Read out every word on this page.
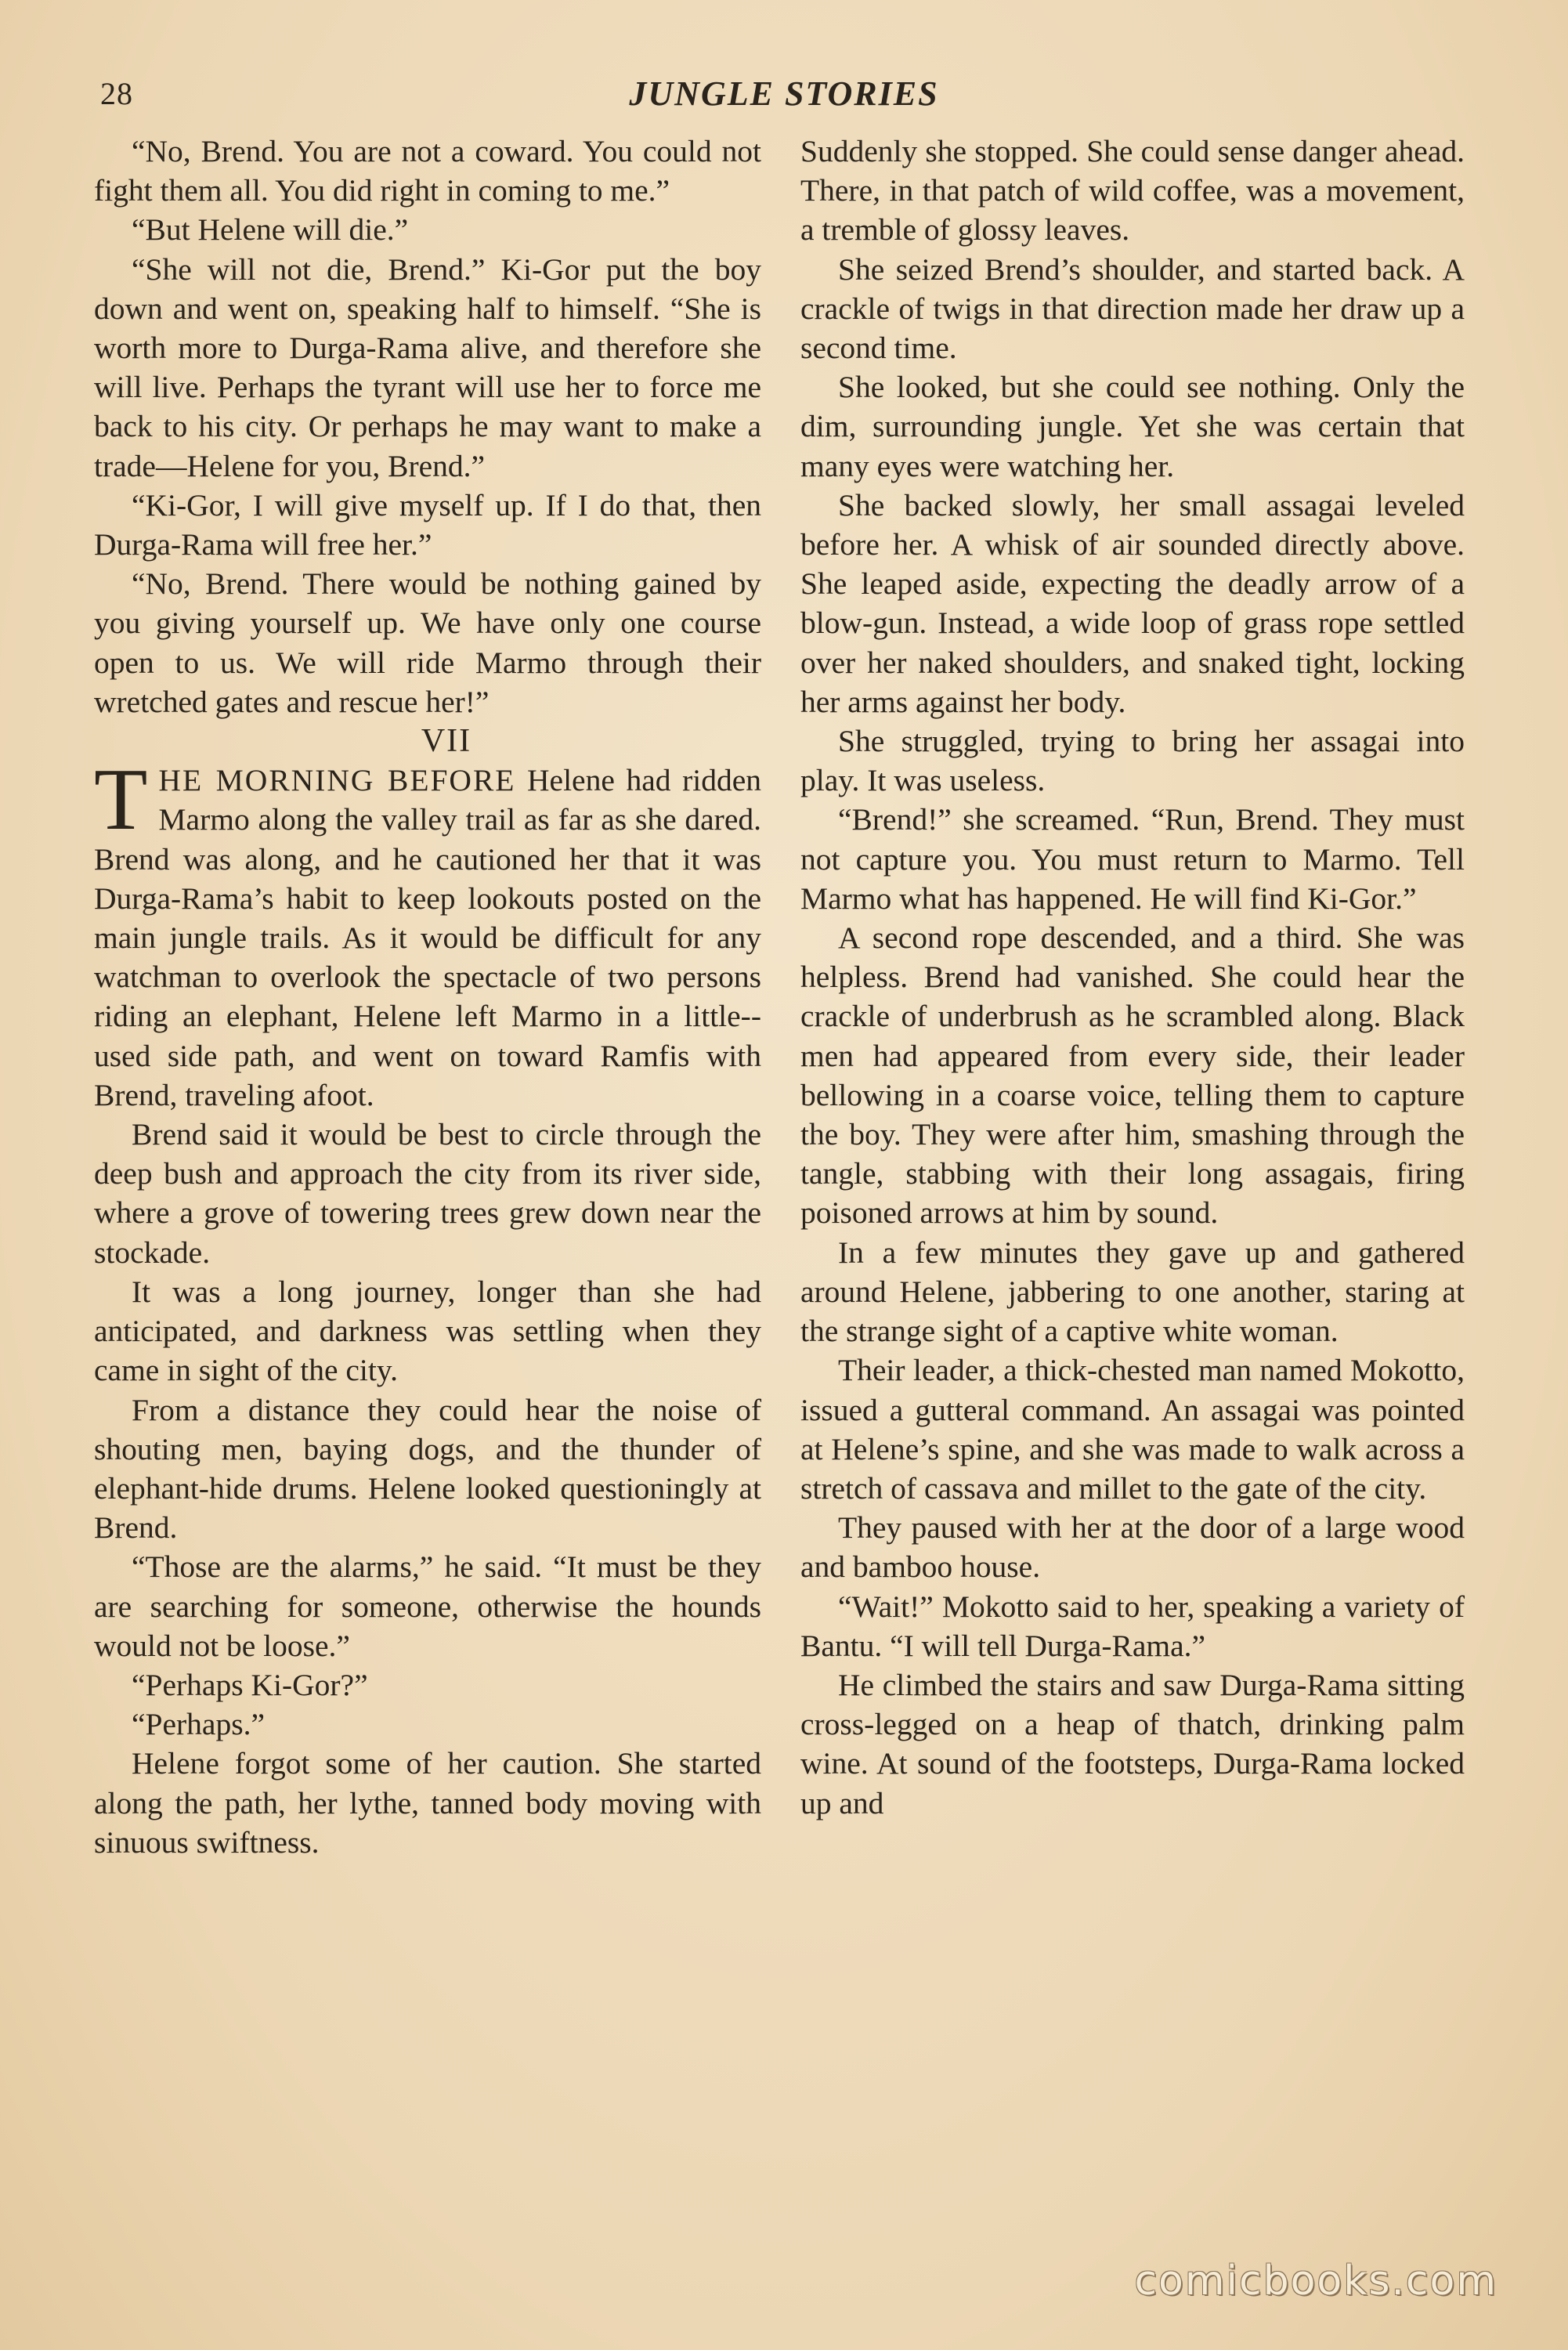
28	JUNGLE STORIES

“No, Brend. You are not a coward. You could not fight them all. You did right in coming to me.”

“But Helene will die.”

“She will not die, Brend.” Ki-Gor put the boy down and went on, speaking half to himself. “She is worth more to Durga-Rama alive, and therefore she will live. Perhaps the tyrant will use her to force me back to his city. Or perhaps he may want to make a trade—Helene for you, Brend.”

“Ki-Gor, I will give myself up. If I do that, then Durga-Rama will free her.”

“No, Brend. There would be nothing gained by you giving yourself up. We have only one course open to us. We will ride Marmo through their wretched gates and rescue her!”

VII

THE MORNING BEFORE Helene had ridden Marmo along the valley trail as far as she dared. Brend was along, and he cautioned her that it was Durga-Rama’s habit to keep lookouts posted on the main jungle trails. As it would be difficult for any watchman to overlook the spectacle of two persons riding an elephant, Helene left Marmo in a little--used side path, and went on toward Ramfis with Brend, traveling afoot.

Brend said it would be best to circle through the deep bush and approach the city from its river side, where a grove of towering trees grew down near the stockade.

It was a long journey, longer than she had anticipated, and darkness was settling when they came in sight of the city.

From a distance they could hear the noise of shouting men, baying dogs, and the thunder of elephant-hide drums. Helene looked questioningly at Brend.

“Those are the alarms,” he said. “It must be they are searching for someone, otherwise the hounds would not be loose.”

“Perhaps Ki-Gor?”

“Perhaps.”

Helene forgot some of her caution. She started along the path, her lythe, tanned body moving with sinuous swiftness.

Suddenly she stopped. She could sense danger ahead. There, in that patch of wild coffee, was a movement, a tremble of glossy leaves.

She seized Brend’s shoulder, and started back. A crackle of twigs in that direction made her draw up a second time.

She looked, but she could see nothing. Only the dim, surrounding jungle. Yet she was certain that many eyes were watching her.

She backed slowly, her small assagai leveled before her. A whisk of air sounded directly above. She leaped aside, expecting the deadly arrow of a blow-gun. Instead, a wide loop of grass rope settled over her naked shoulders, and snaked tight, locking her arms against her body.

She struggled, trying to bring her assagai into play. It was useless.

“Brend!” she screamed. “Run, Brend. They must not capture you. You must return to Marmo. Tell Marmo what has happened. He will find Ki-Gor.”

A second rope descended, and a third. She was helpless. Brend had vanished. She could hear the crackle of underbrush as he scrambled along. Black men had appeared from every side, their leader bellowing in a coarse voice, telling them to capture the boy. They were after him, smashing through the tangle, stabbing with their long assagais, firing poisoned arrows at him by sound.

In a few minutes they gave up and gathered around Helene, jabbering to one another, staring at the strange sight of a captive white woman.

Their leader, a thick-chested man named Mokotto, issued a gutteral command. An assagai was pointed at Helene’s spine, and she was made to walk across a stretch of cassava and millet to the gate of the city.

They paused with her at the door of a large wood and bamboo house.

“Wait!” Mokotto said to her, speaking a variety of Bantu. “I will tell Durga-Rama.”

He climbed the stairs and saw Durga-Rama sitting cross-legged on a heap of thatch, drinking palm wine. At sound of the footsteps, Durga-Rama locked up and

comicbooks.com
